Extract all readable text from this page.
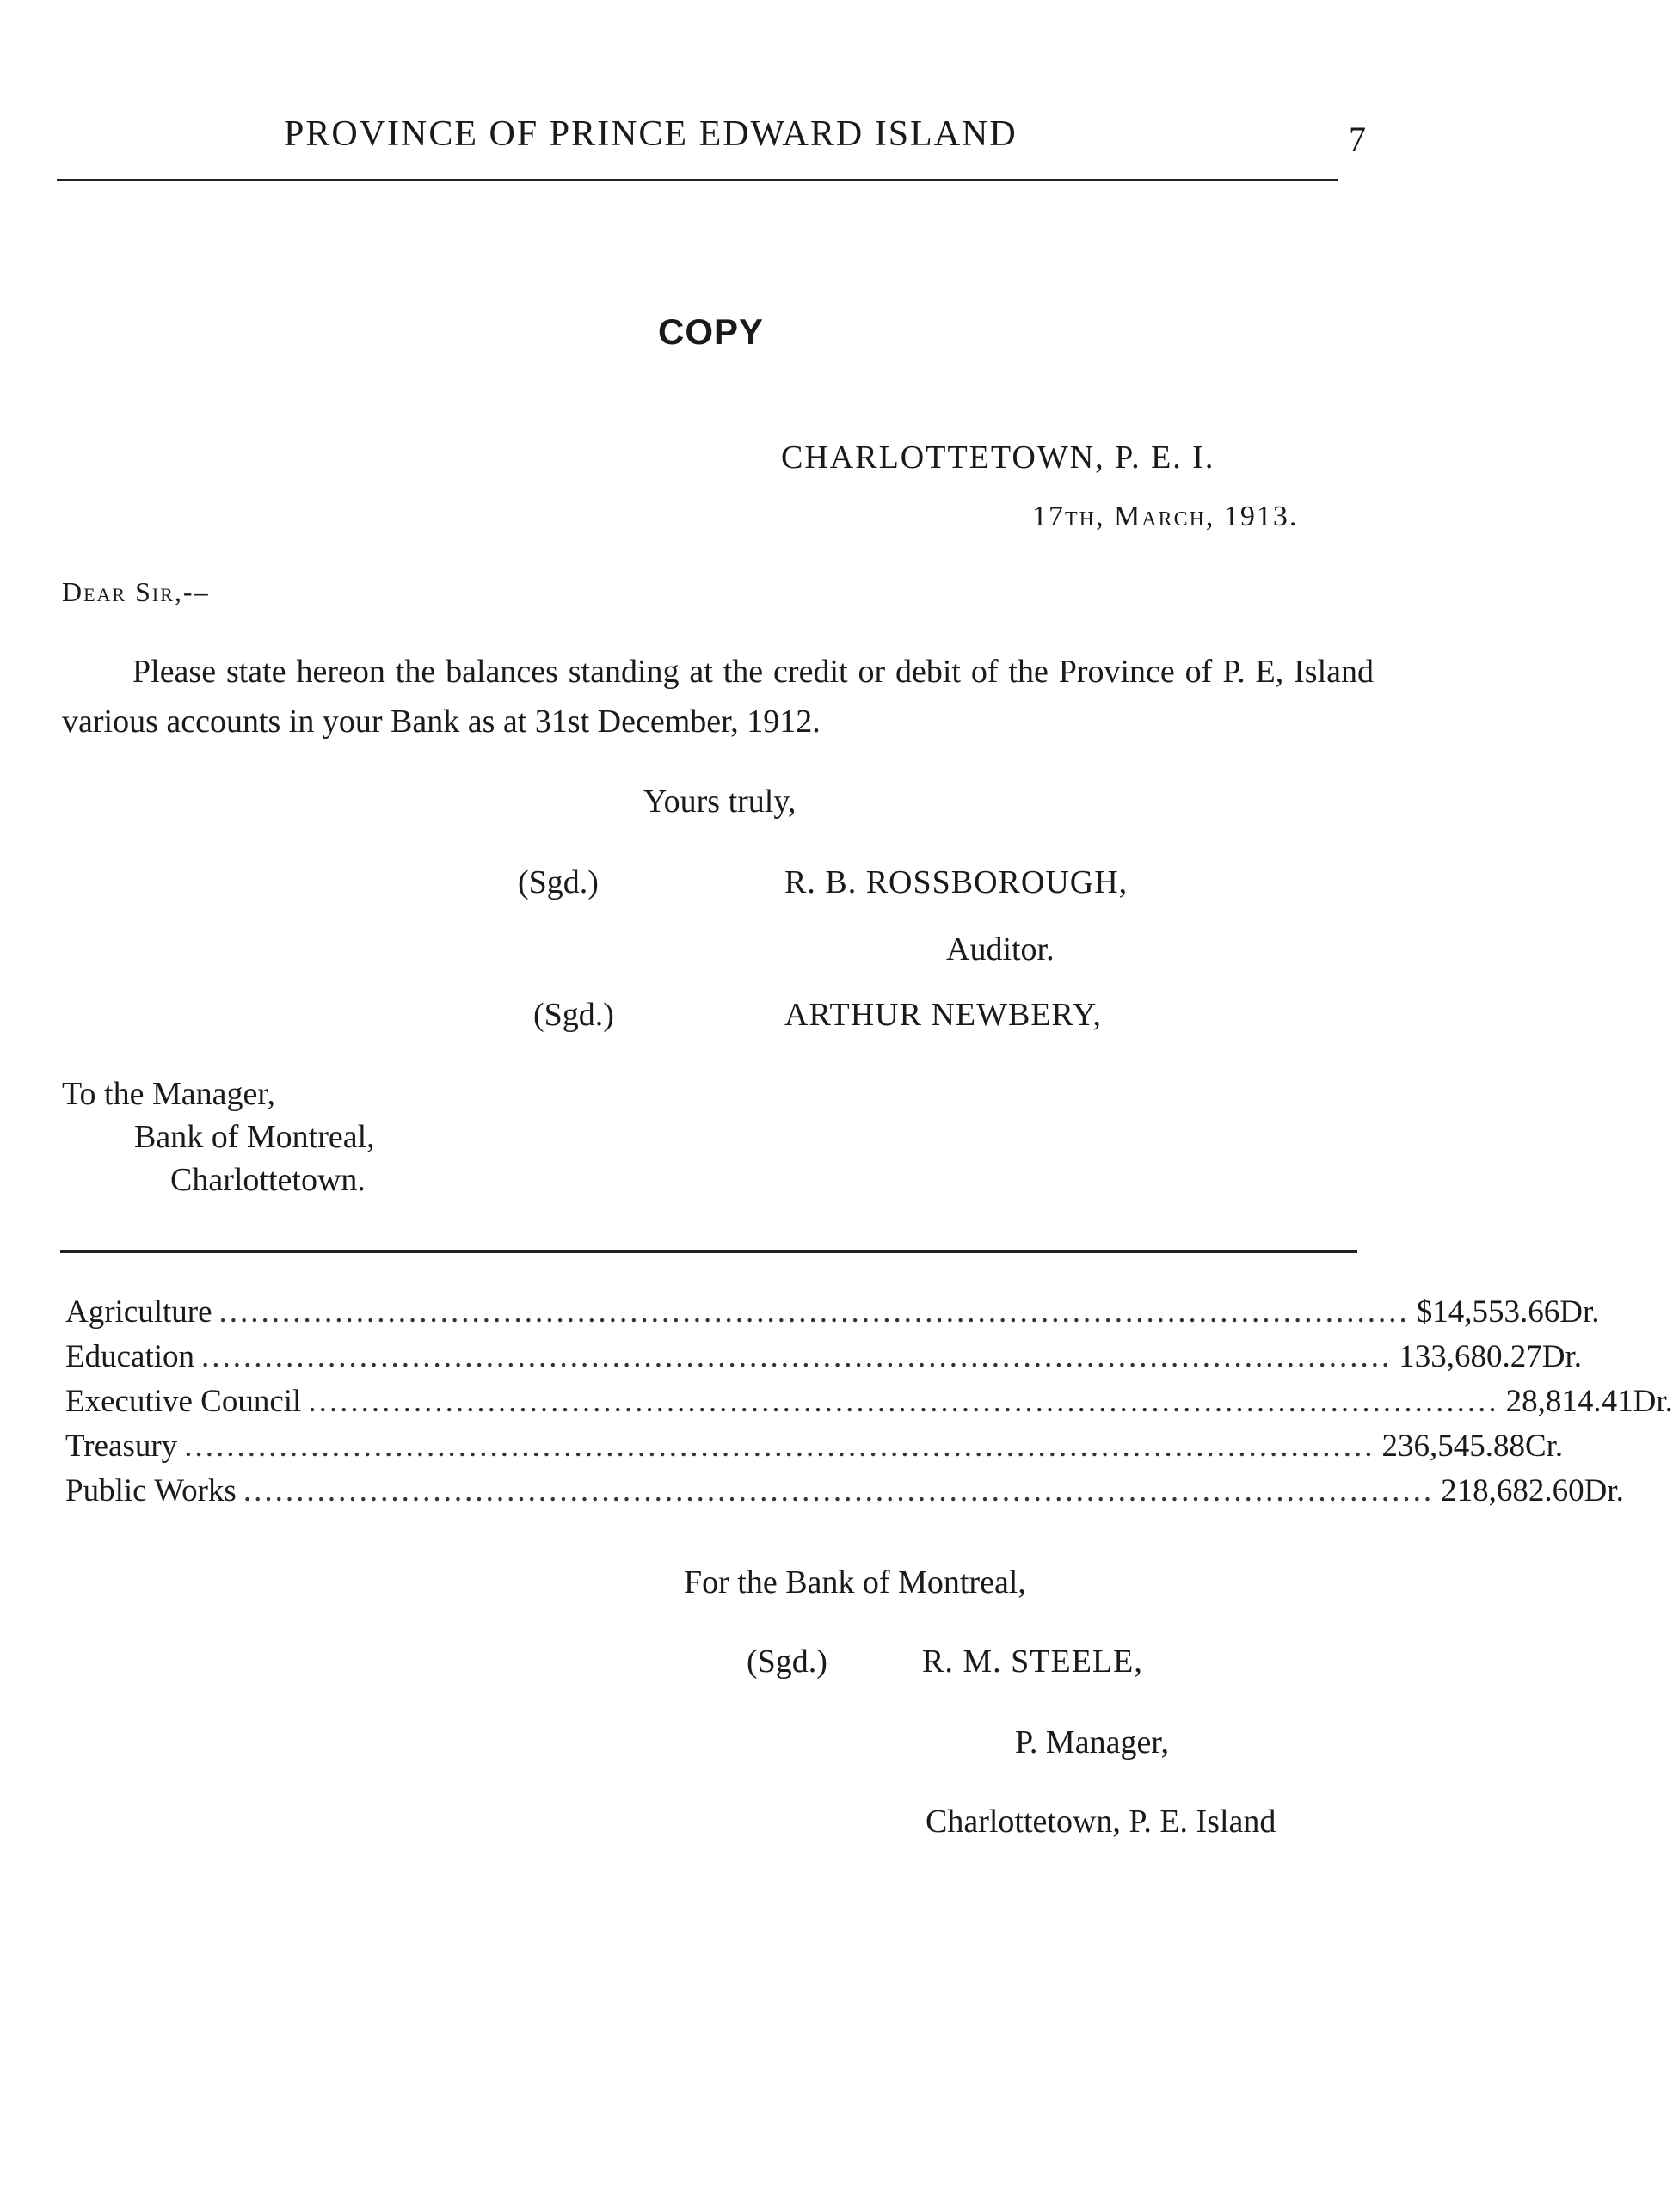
PROVINCE OF PRINCE EDWARD ISLAND	7
COPY
CHARLOTTETOWN, P. E. I.
17th, March, 1913.
Dear Sir,-–
Please state hereon the balances standing at the credit or debit of the Province of P. E, Island various accounts in your Bank as at 31st December, 1912.
Yours truly,
(Sgd.)	R. B. ROSSBOROUGH,
Auditor.
(Sgd.)	ARTHUR NEWBERY,
To the Manager,
Bank of Montreal,
Charlottetown.
Agriculture ................................................................................................................. $ 14,553.66 Dr.
Education ................................................................................................................. 133,680.27 Dr.
Executive Council ................................................................................................................. 28,814.41 Dr.
Treasury ................................................................................................................. 236,545.88 Cr.
Public Works ................................................................................................................. 218,682.60 Dr.
For the Bank of Montreal,
(Sgd.)	R. M. STEELE,
P. Manager,
Charlottetown, P. E. Island
